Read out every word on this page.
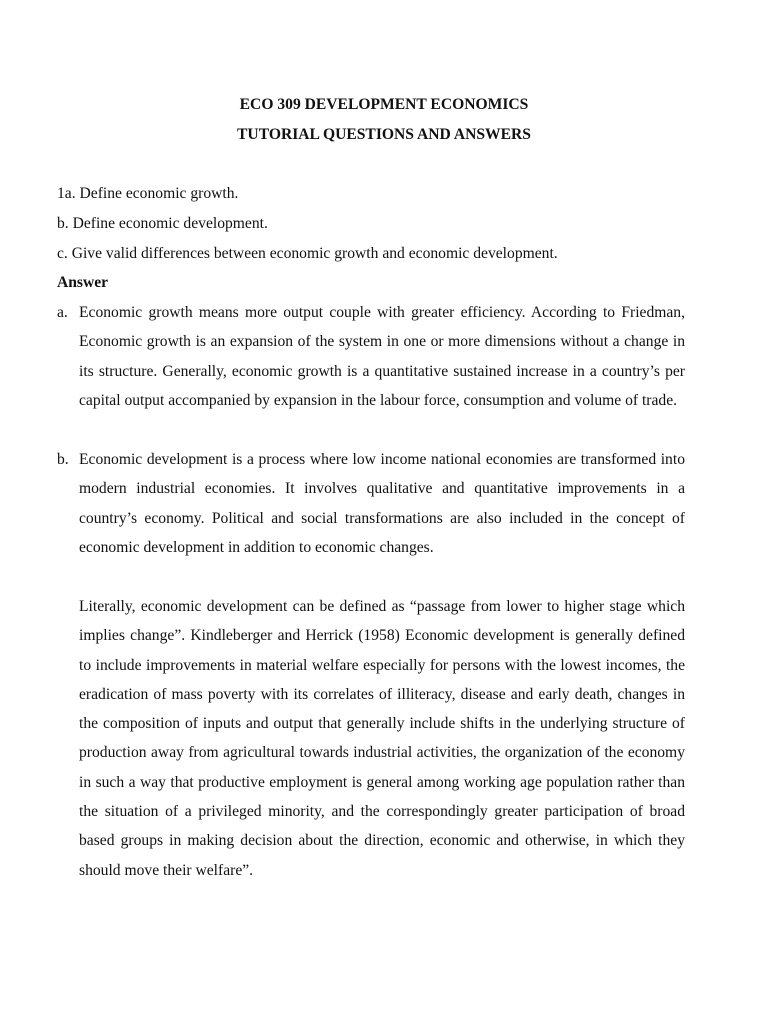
ECO 309 DEVELOPMENT ECONOMICS
TUTORIAL QUESTIONS AND ANSWERS
1a. Define economic growth.
b. Define economic development.
c. Give valid differences between economic growth and economic development.
Answer
a. Economic growth means more output couple with greater efficiency. According to Friedman, Economic growth is an expansion of the system in one or more dimensions without a change in its structure. Generally, economic growth is a quantitative sustained increase in a country’s per capital output accompanied by expansion in the labour force, consumption and volume of trade.
b. Economic development is a process where low income national economies are transformed into modern industrial economies. It involves qualitative and quantitative improvements in a country’s economy. Political and social transformations are also included in the concept of economic development in addition to economic changes.
Literally, economic development can be defined as “passage from lower to higher stage which implies change”. Kindleberger and Herrick (1958) Economic development is generally defined to include improvements in material welfare especially for persons with the lowest incomes, the eradication of mass poverty with its correlates of illiteracy, disease and early death, changes in the composition of inputs and output that generally include shifts in the underlying structure of production away from agricultural towards industrial activities, the organization of the economy in such a way that productive employment is general among working age population rather than the situation of a privileged minority, and the correspondingly greater participation of broad based groups in making decision about the direction, economic and otherwise, in which they should move their welfare”.
